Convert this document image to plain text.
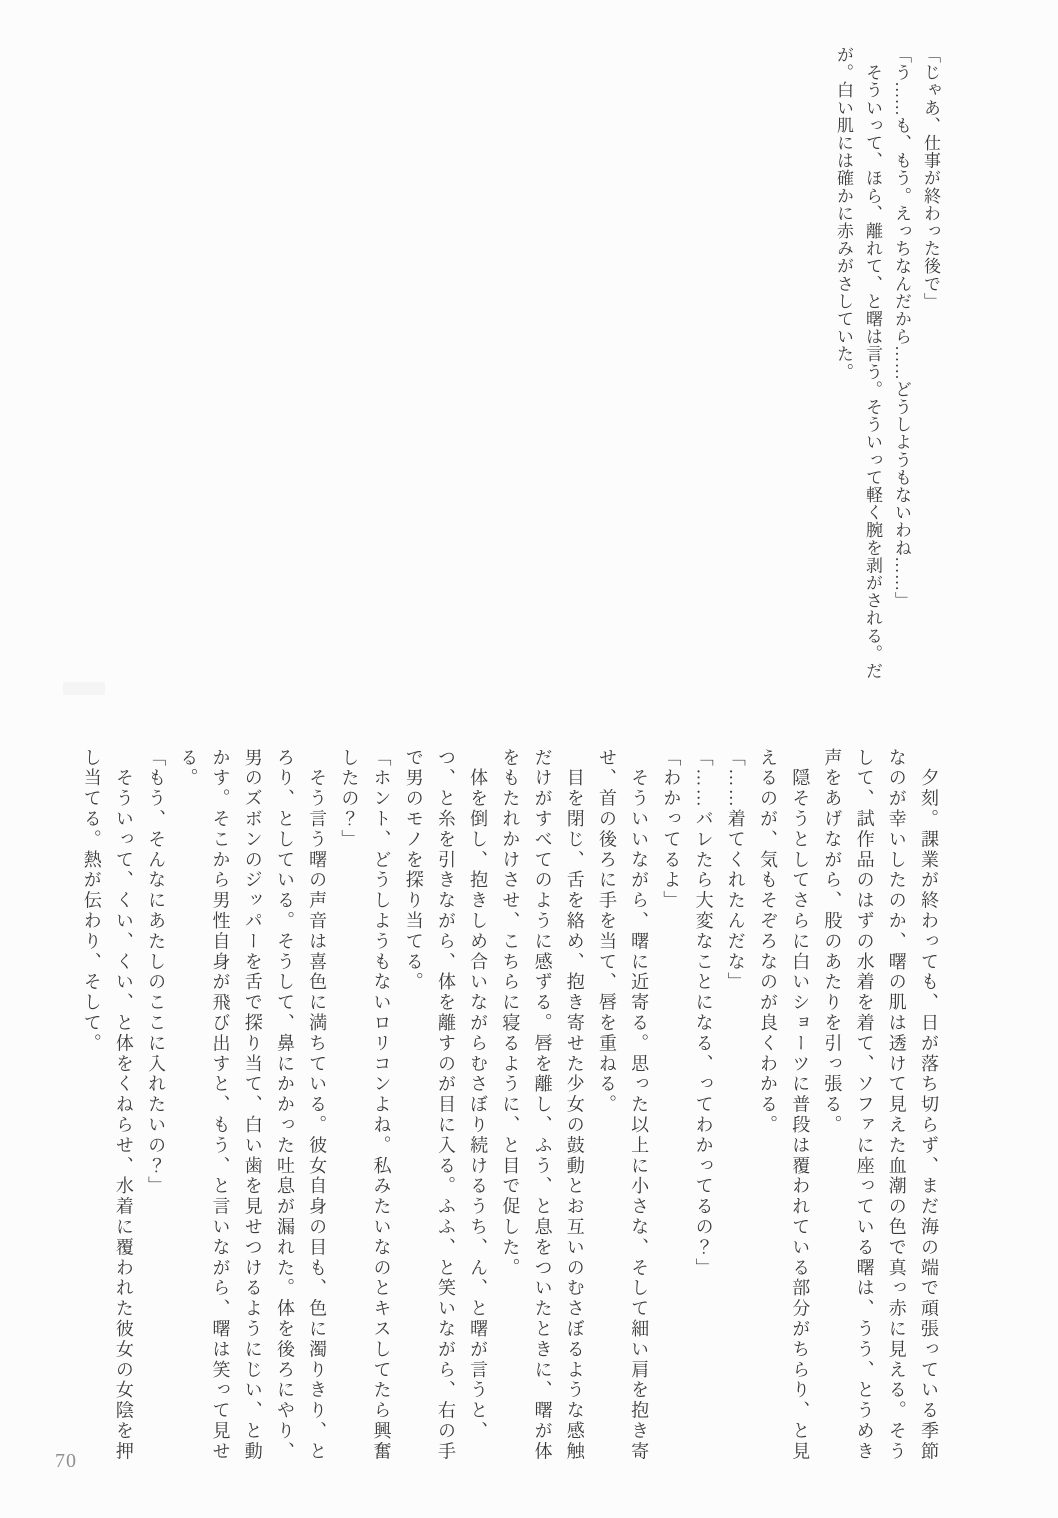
「じゃあ、仕事が終わった後で」

「う……も、もう。えっちなんだから……どうしようもないわね……」

　そういって、ほら、離れて、と曙は言う。そういって軽く腕を剥がされる。だが。白い肌には確かに赤みがさしていた。

　夕刻。課業が終わっても、日が落ち切らず、まだ海の端で頑張っている季節なのが幸いしたのか、曙の肌は透けて見えた血潮の色で真っ赤に見える。そうして、試作品のはずの水着を着て、ソファに座っている曙は、うう、とうめき声をあげながら、股のあたりを引っ張る。

　隠そうとしてさらに白いショーツに普段は覆われている部分がちらり、と見えるのが、気もそぞろなのが良くわかる。

「……着てくれたんだな」

「……バレたら大変なことになる、ってわかってるの？」

「わかってるよ」

　そういいながら、曙に近寄る。思った以上に小さな、そして細い肩を抱き寄せ、首の後ろに手を当て、唇を重ねる。

　目を閉じ、舌を絡め、抱き寄せた少女の鼓動とお互いのむさぼるような感触だけがすべてのように感ずる。唇を離し、ふう、と息をついたときに、曙が体をもたれかけさせ、こちらに寝るように、と目で促した。

　体を倒し、抱きしめ合いながらむさぼり続けるうち、ん、と曙が言うと、つ、と糸を引きながら、体を離すのが目に入る。ふふ、と笑いながら、右の手で男のモノを探り当てる。

「ホント、どうしようもないロリコンよね。私みたいなのとキスしてたら興奮したの？」

　そう言う曙の声音は喜色に満ちている。彼女自身の目も、色に濁りきり、とろり、としている。そうして、鼻にかかった吐息が漏れた。体を後ろにやり、男のズボンのジッパーを舌で探り当て、白い歯を見せつけるようにじい、と動かす。そこから男性自身が飛び出すと、もう、と言いながら、曙は笑って見せる。

「もう、そんなにあたしのここに入れたいの？」

　そういって、くい、くい、と体をくねらせ、水着に覆われた彼女の女陰を押し当てる。熱が伝わり、そして。

70
